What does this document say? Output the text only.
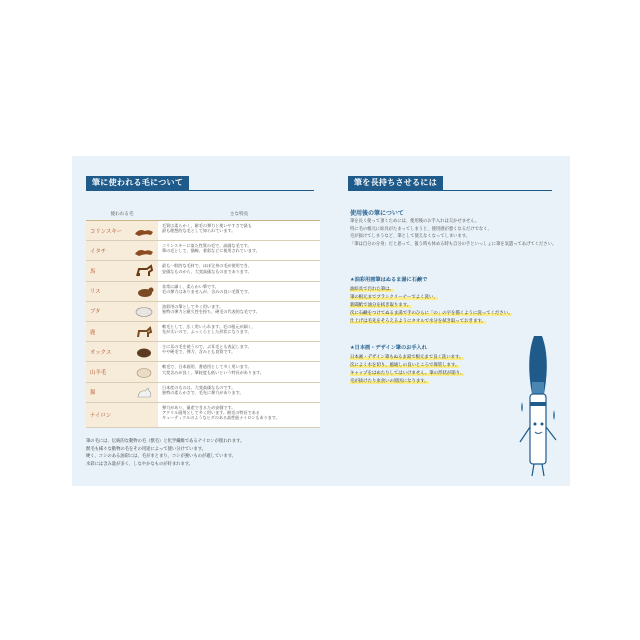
筆に使われる毛について	筆を長持ちさせるには
使われる毛	主な特長
コリンスキー
毛質は柔らかく、耐毛の弾力と使いやすさで最も
最も理想的な毛として知られています。
イタチ
コリンスキーに似た性質の毛で、高価な毛です。
筆の毛として、描線、着彩などに使用されています。
馬
最も一般的な毛材で、ほぼ全身の毛が使用でき、
安価なものから、大変高価なものまであります。
リス
非常に細く、柔らかい筆です。
毛の弾力はありませんが、含みの良い毛質です。
ブタ
油彩用の筆として多く用います。
独特の弾力と耐久性を持ち、硬毛の代表的な毛です。
鹿
軟毛として、広く用いられます。毛の根元が細く、
先が太いので、ふっくらとした形状になります。
オックス
主に耳の毛を使うので、ぶ耳毛とも表記します。
やや硬毛で、弾力、含みとも良質です。
山羊毛
軟毛で、日本画用、書道用として多く用います。
大変含みが良く、筆耗度も低いという特長があります。
猫
日本産のものは、大変高価なものです。
独特の柔らかさで、毛先に弾力があります。
ナイロン
弾力があり、量産できるため安価です。
アクリル画用として多く用います。耐毛の特長である
キューティクルのようなヒダのある高性能ナイロンもあります。
筆の毛には、伝統的な動物の毛（獣毛）と化学繊維であるナイロンが使われます。
獣毛も様々な動物の毛をその用途によって使い分けています。
硬く、コシのある油彩には、毛がまとまり、コシが強いものが適しています。
水彩には含み量が多く、しなやかなものが好まれます。
使用後の筆について
筆を長く使って頂くためには、使用後のお手入れは欠かせません。
特に毛の根元に絵具がたまってしまうと、使用感が悪くなるだけでなく、
毛が抜けてしまうなど、筆として使えなくなってしまいます。
「筆は自分の分身」だと思って、扱う時も休める時も自分の手といっしょに筆を気遣ってあげてください。
★油彩用画筆はぬるま湯に石鹸で
油絵具で汚れた筆は、
筆の根元までブラシクリーナーでよく洗い、
新聞紙で油分を拭き取ります。
次に石鹸をつけてぬるま湯で手のひらに「の」の字を描くように洗ってください。
仕上げは毛先をそろえるようにタオルで水分を拭き取っておきます。
★日本画・デザイン筆のお手入れ
日本画・デザイン筆もぬるま湯で根元まで良く洗います。
次によく水を切り、風通しの良いところで保管します。
キャップをはめたりしてはいけません。筆の形状が崩り、
毛が抜けたり虫食いの原因になります。
